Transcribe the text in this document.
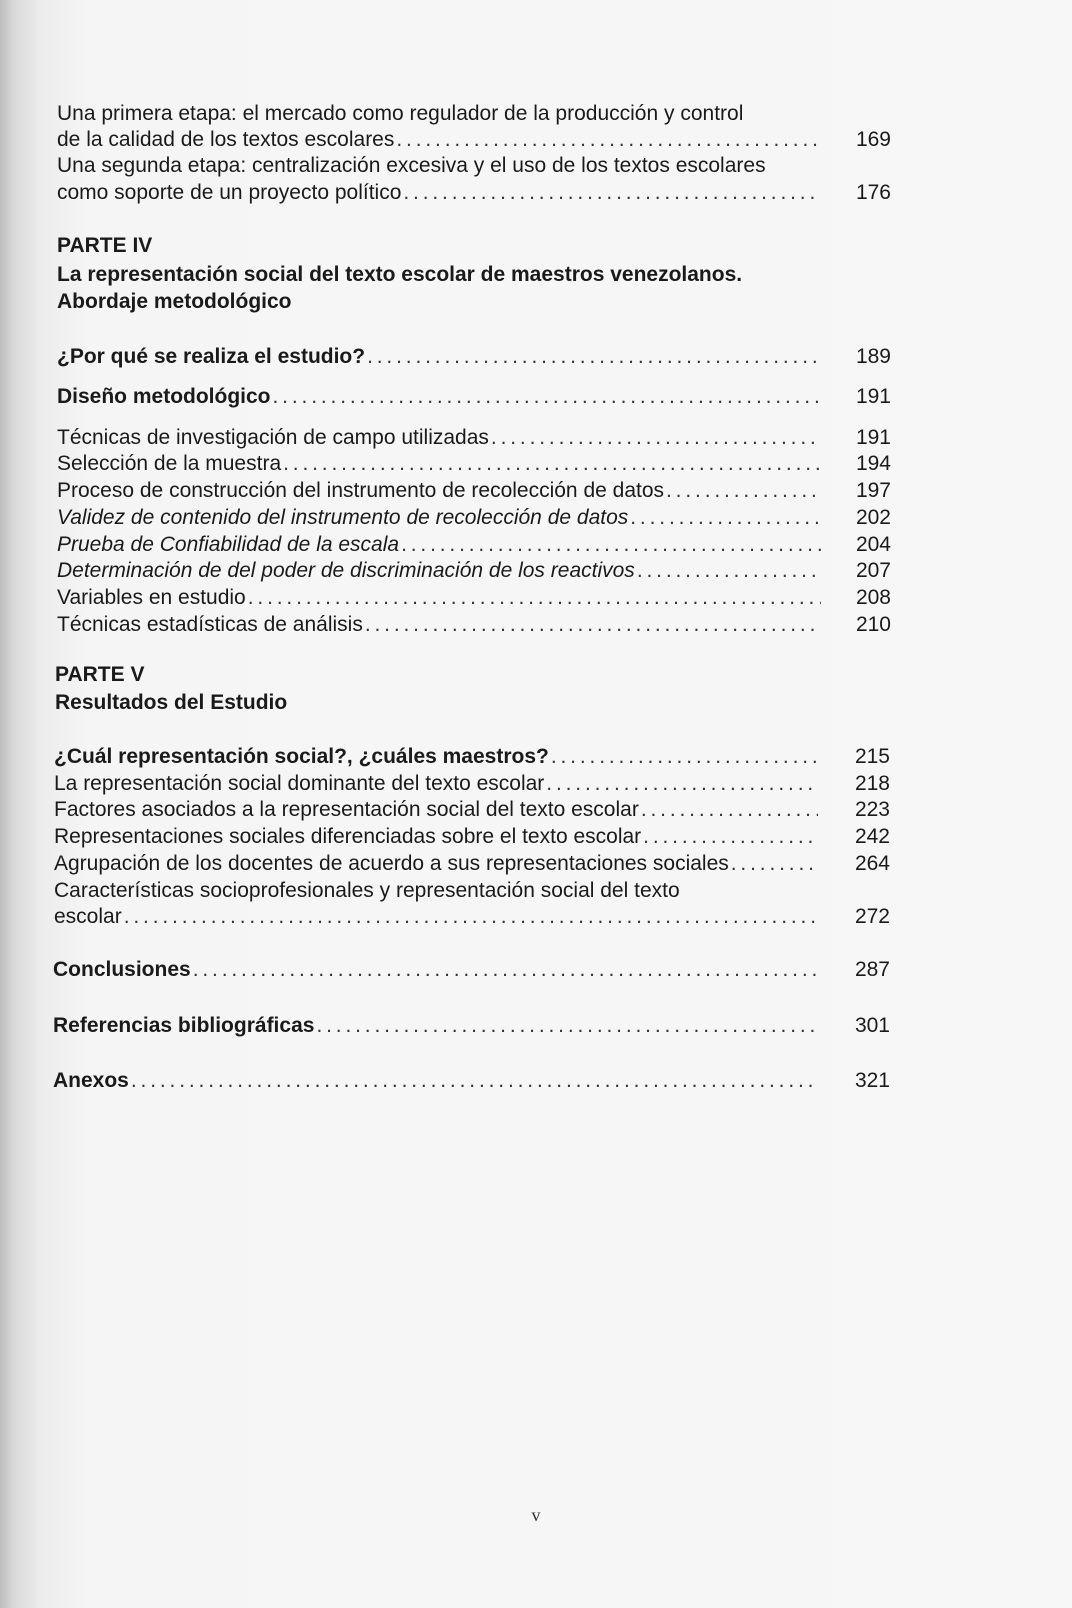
Una primera etapa: el mercado como regulador de la producción y control
de la calidad de los textos escolares . . .	169
Una segunda etapa: centralización excesiva y el uso de los textos escolares
como soporte de un proyecto político . . .	176
PARTE IV
La representación social del texto escolar de maestros venezolanos.
Abordaje metodológico
¿Por qué se realiza el estudio? . . .	189
Diseño metodológico . . .	191
Técnicas de investigación de campo utilizadas . . .	191
Selección de la muestra . . .	194
Proceso de construcción del instrumento de recolección de datos . . .	197
Validez de contenido del instrumento de recolección de datos . . .	202
Prueba de Confiabilidad de la escala . . .	204
Determinación de del poder de discriminación de los reactivos . . .	207
Variables en estudio . . .	208
Técnicas estadísticas de análisis . . .	210
PARTE V
Resultados del Estudio
¿Cuál representación social?, ¿cuáles maestros? . . .	215
La representación social dominante del texto escolar . . .	218
Factores asociados a la representación social del texto escolar . . .	223
Representaciones sociales diferenciadas sobre el texto escolar . . .	242
Agrupación de los docentes de acuerdo a sus representaciones sociales . . .	264
Características socioprofesionales y representación social del texto
escolar . . .	272
Conclusiones . . .	287
Referencias bibliográficas . . .	301
Anexos . . .	321
v
